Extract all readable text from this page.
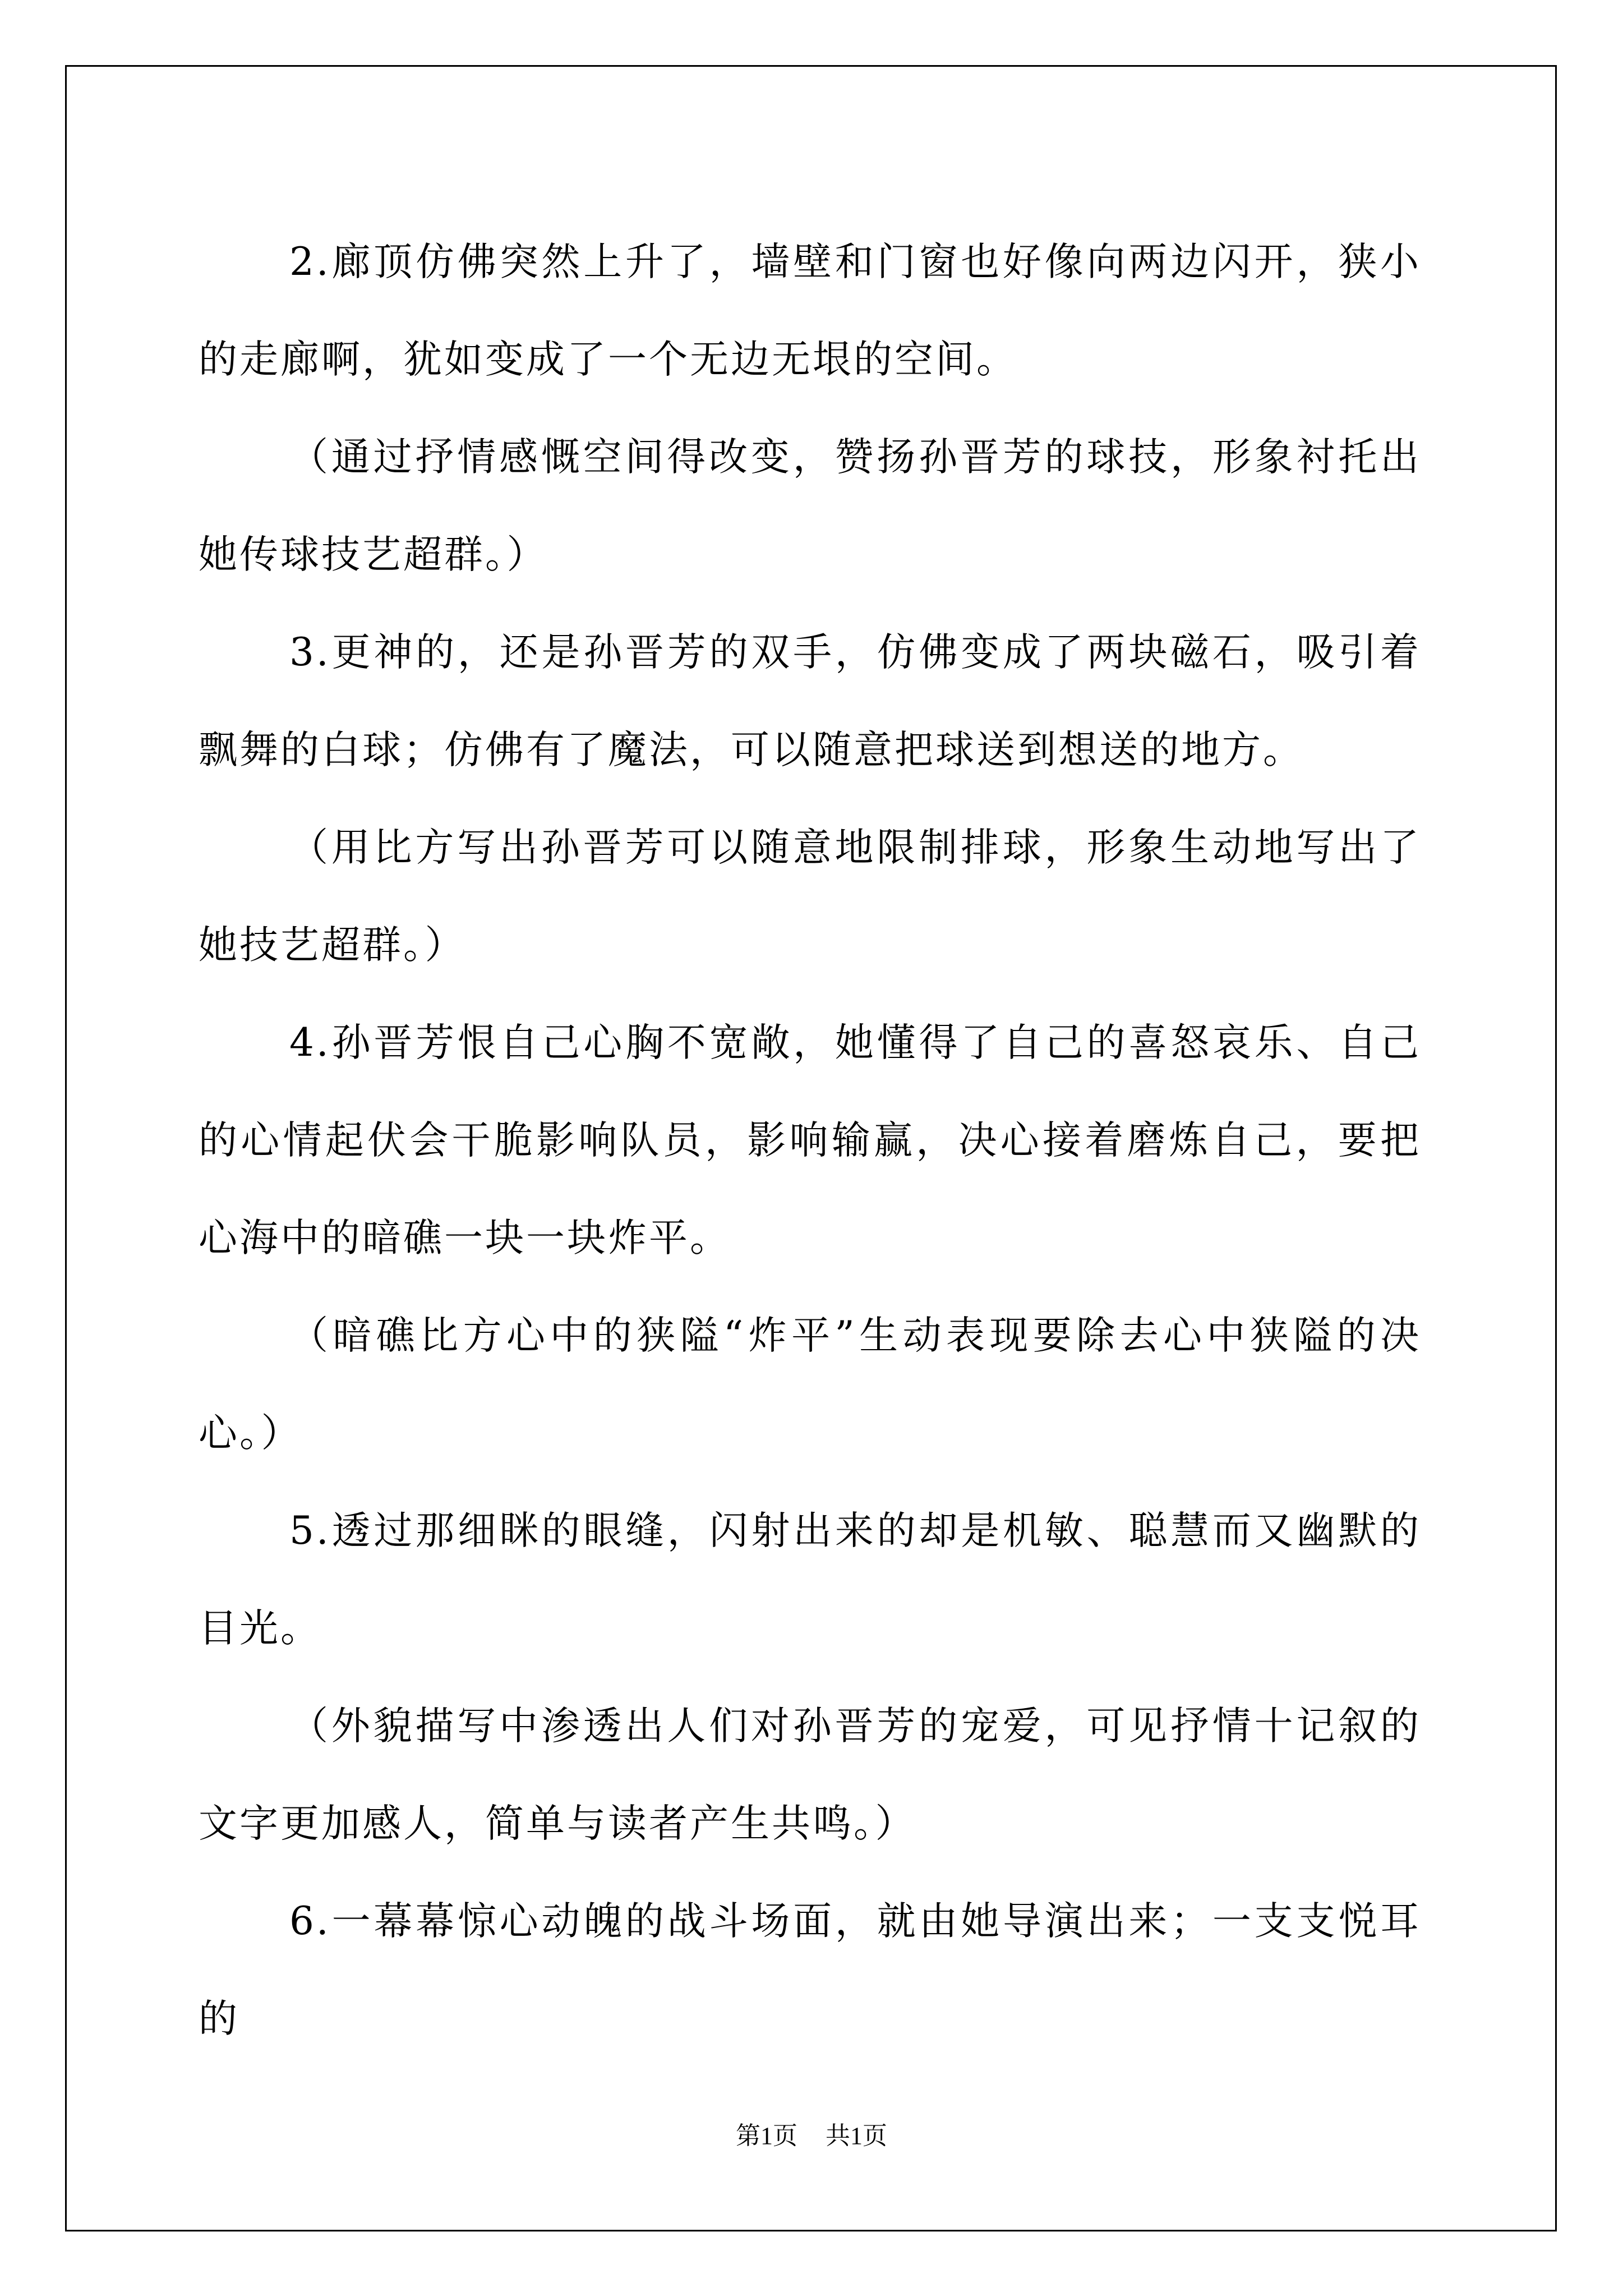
2.廊顶仿佛突然上升了，墙壁和门窗也好像向两边闪开，狭小的走廊啊，犹如变成了一个无边无垠的空间。

（通过抒情感慨空间得改变，赞扬孙晋芳的球技，形象衬托出她传球技艺超群。）

3.更神的，还是孙晋芳的双手，仿佛变成了两块磁石，吸引着飘舞的白球；仿佛有了魔法，可以随意把球送到想送的地方。

（用比方写出孙晋芳可以随意地限制排球，形象生动地写出了她技艺超群。）

4.孙晋芳恨自己心胸不宽敞，她懂得了自己的喜怒哀乐、自己的心情起伏会干脆影响队员，影响输赢，决心接着磨炼自己，要把心海中的暗礁一块一块炸平。

（暗礁比方心中的狭隘“炸平”生动表现要除去心中狭隘的决心。）

5.透过那细眯的眼缝，闪射出来的却是机敏、聪慧而又幽默的目光。

（外貌描写中渗透出人们对孙晋芳的宠爱，可见抒情十记叙的文字更加感人，简单与读者产生共鸣。）

6.一幕幕惊心动魄的战斗场面，就由她导演出来；一支支悦耳的

第1页 共1页
